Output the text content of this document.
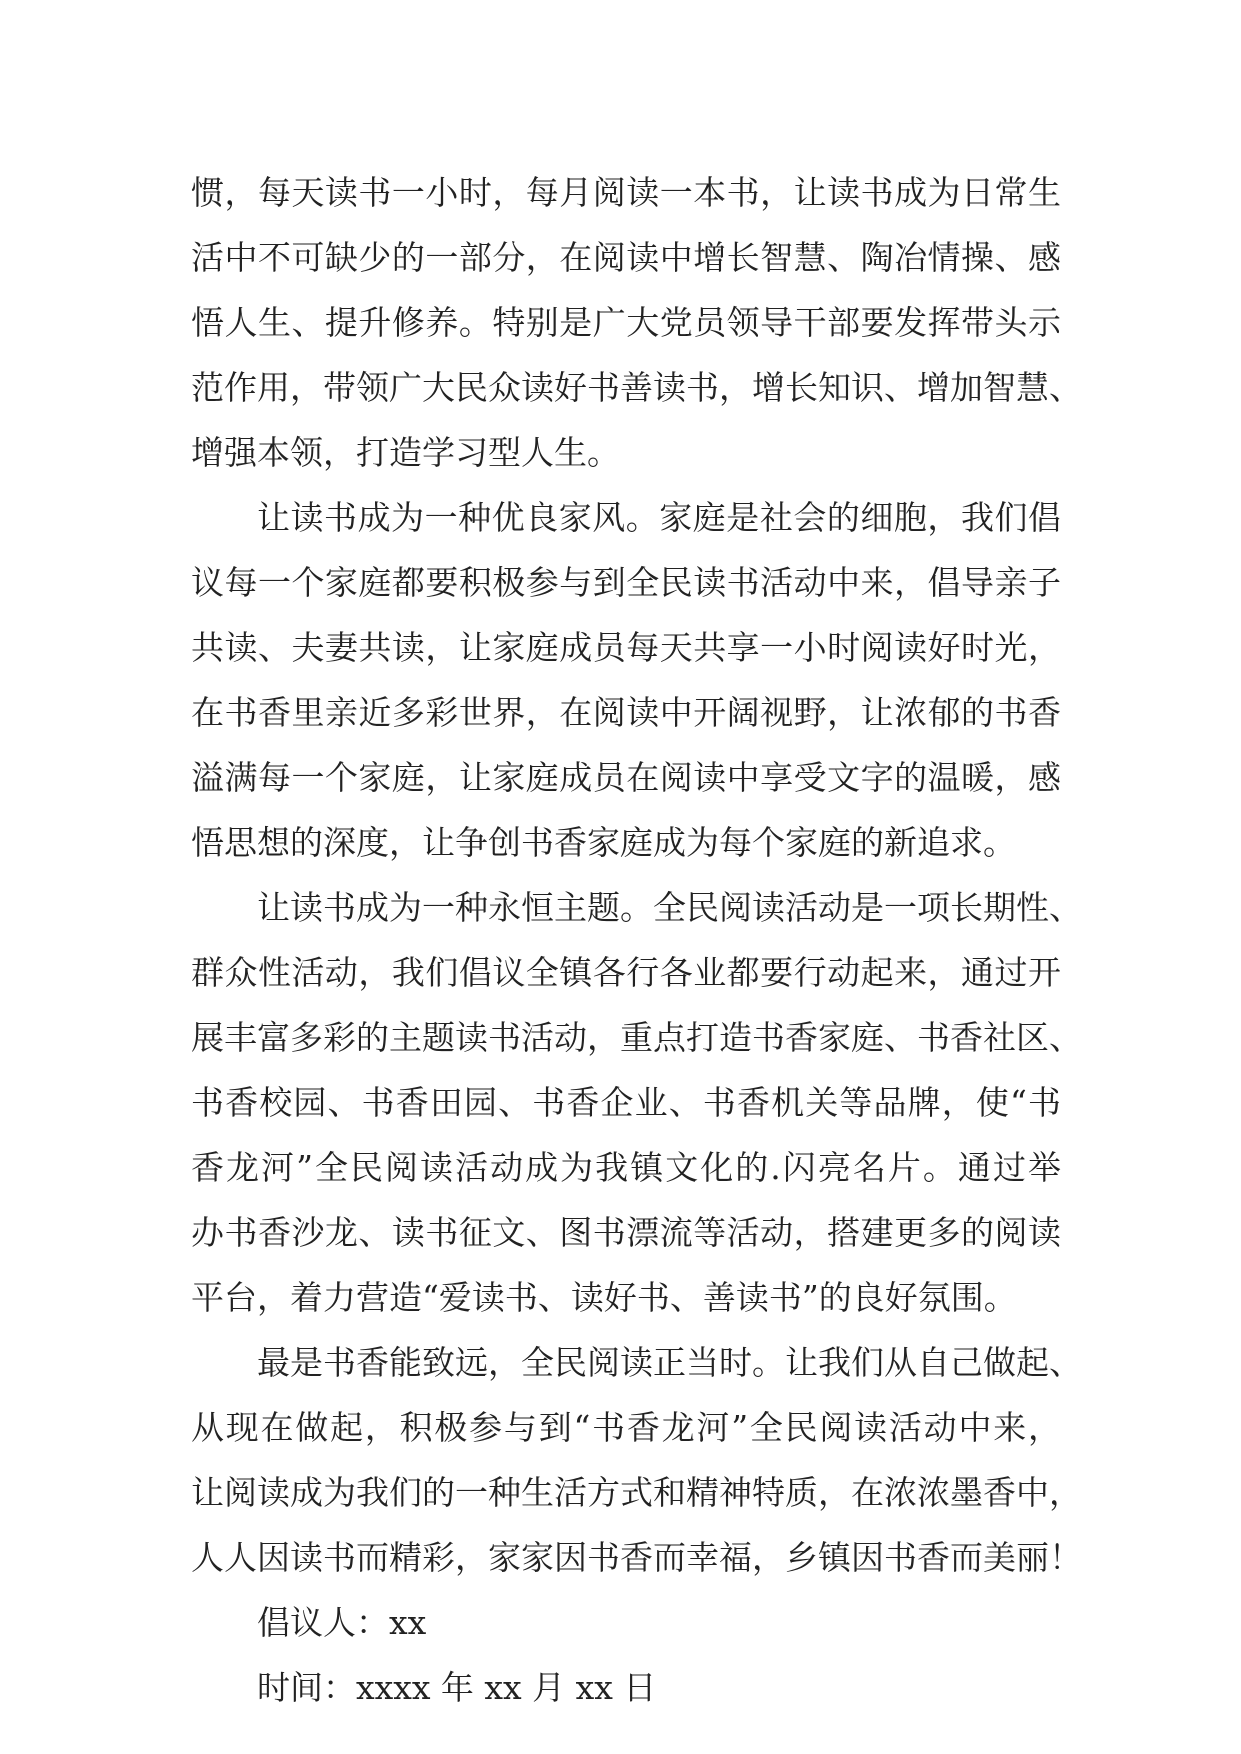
惯，每天读书一小时，每月阅读一本书，让读书成为日常生
活中不可缺少的一部分，在阅读中增长智慧、陶冶情操、感
悟人生、提升修养。特别是广大党员领导干部要发挥带头示
范作用，带领广大民众读好书善读书，增长知识、增加智慧、
增强本领，打造学习型人生。
让读书成为一种优良家风。家庭是社会的细胞，我们倡
议每一个家庭都要积极参与到全民读书活动中来，倡导亲子
共读、夫妻共读，让家庭成员每天共享一小时阅读好时光，
在书香里亲近多彩世界，在阅读中开阔视野，让浓郁的书香
溢满每一个家庭，让家庭成员在阅读中享受文字的温暖，感
悟思想的深度，让争创书香家庭成为每个家庭的新追求。
让读书成为一种永恒主题。全民阅读活动是一项长期性、
群众性活动，我们倡议全镇各行各业都要行动起来，通过开
展丰富多彩的主题读书活动，重点打造书香家庭、书香社区、
书香校园、书香田园、书香企业、书香机关等品牌，使“书
香龙河”全民阅读活动成为我镇文化的.闪亮名片。通过举
办书香沙龙、读书征文、图书漂流等活动，搭建更多的阅读
平台，着力营造“爱读书、读好书、善读书”的良好氛围。
最是书香能致远，全民阅读正当时。让我们从自己做起、
从现在做起，积极参与到“书香龙河”全民阅读活动中来，
让阅读成为我们的一种生活方式和精神特质，在浓浓墨香中，
人人因读书而精彩，家家因书香而幸福，乡镇因书香而美丽！
倡议人：xx
时间：xxxx 年 xx 月 xx 日
